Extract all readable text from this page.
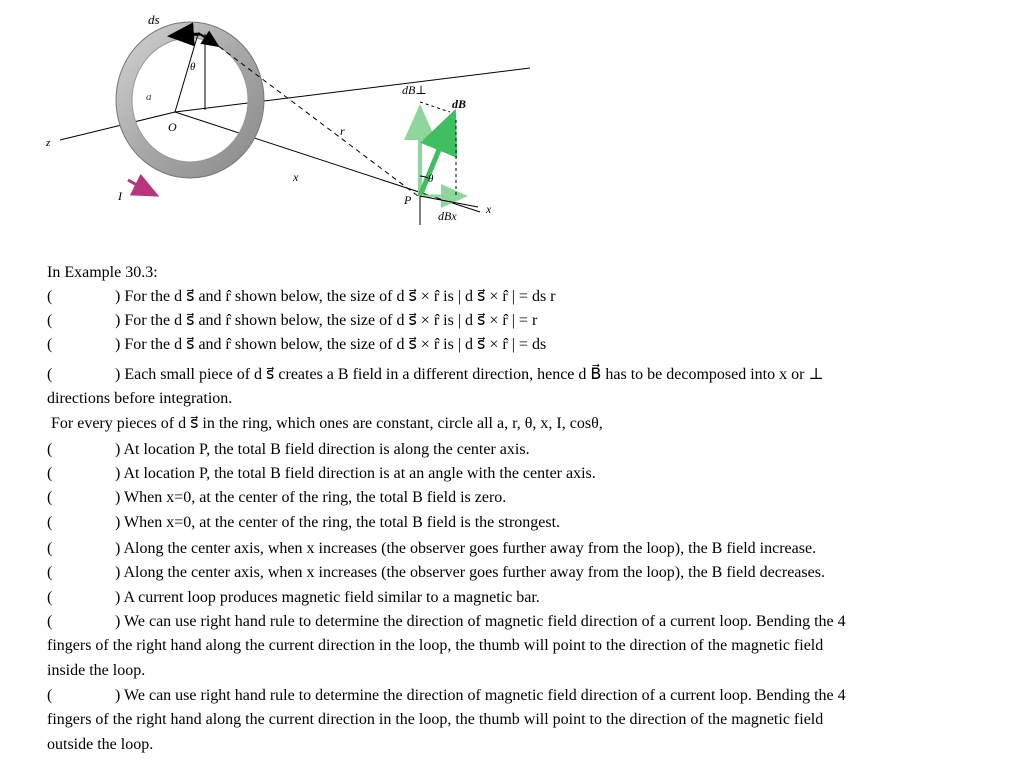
ds
r̂
θ
a
O
z
I
r
x
P
dB⊥
dB
θ
dBx x
In Example 30.3:
(	) For the d s⃗ and r̂ shown below, the size of d s⃗ × r̂ is | d s⃗ × r̂ | = ds r
(	) For the d s⃗ and r̂ shown below, the size of d s⃗ × r̂ is | d s⃗ × r̂ | = r
(	) For the d s⃗ and r̂ shown below, the size of d s⃗ × r̂ is | d s⃗ × r̂ | = ds
(	) Each small piece of d s⃗ creates a B field in a different direction, hence d B⃗ has to be decomposed into x or ⊥
directions before integration.
For every pieces of d s⃗ in the ring, which ones are constant, circle all a, r, θ, x, I, cosθ,
(	) At location P, the total B field direction is along the center axis.
(	) At location P, the total B field direction is at an angle with the center axis.
(	) When x=0, at the center of the ring, the total B field is zero.
(	) When x=0, at the center of the ring, the total B field is the strongest.
(	) Along the center axis, when x increases (the observer goes further away from the loop), the B field increase.
(	) Along the center axis, when x increases (the observer goes further away from the loop), the B field decreases.
(	) A current loop produces magnetic field similar to a magnetic bar.
(	) We can use right hand rule to determine the direction of magnetic field direction of a current loop. Bending the 4
fingers of the right hand along the current direction in the loop, the thumb will point to the direction of the magnetic field
inside the loop.
(	) We can use right hand rule to determine the direction of magnetic field direction of a current loop. Bending the 4
fingers of the right hand along the current direction in the loop, the thumb will point to the direction of the magnetic field
outside the loop.
